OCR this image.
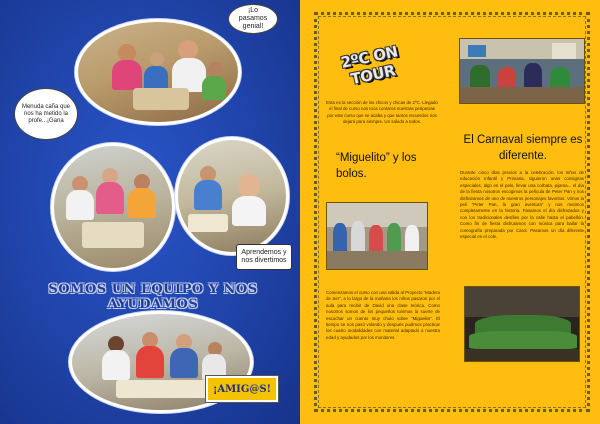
¡Lo pasamos genial!
Menuda caña que nos ha metido la profe...¡Gana
Aprendemos y nos divertimos
SOMOS UN EQUIPO Y NOS AYUDAMOS
¡AMIG@S!
2ºC ON TOUR
Esta es la sección de los chicos y chicas de 2ºC. Llegado el final de curso nos toca contaros nuestras peripecias por este curso que se acaba y que tantos recuerdos nos dejará para siempre. Un saludo a todos.
“Miguelito” y los bolos.
Comenzamos el curso con una salida al Proyecto “Madera de Ser”, a lo largo de la mañana los niños pasaron por el aula para recibir de David una clase teórica. Como nosotros somos de los pequeños tuvimos la suerte de escuchar un cuento muy chulo sobre “Miguelito”. El tiempo se nos pasó volando y después pudimos practicar los cuatro modalidades con material adaptado a nuestra edad y ayudados por los monitores.
El Carnaval siempre es diferente.
Durante cinco días previos a la celebración, los niños de educación Infantil y Primaria, siguieron unas consignas especiales, algo en el pelo, llevar una corbata, pijama... el día de la fiesta nosotros escogimos la película de Peter Pan y nos disfrazamos de uno de nuestros personajes favoritos. Vimos la peli “Peter Pan, la gran aventura” y nos metimos completamente en la historia. Pasamos el día disfrazados y con los tradicionales desfiles por la calle hasta el pabellón. Como fin de fiesta disfrutamos con música para bailar la coreografía preparada por Carol. Pasamos un día diferente especial en el cole.
